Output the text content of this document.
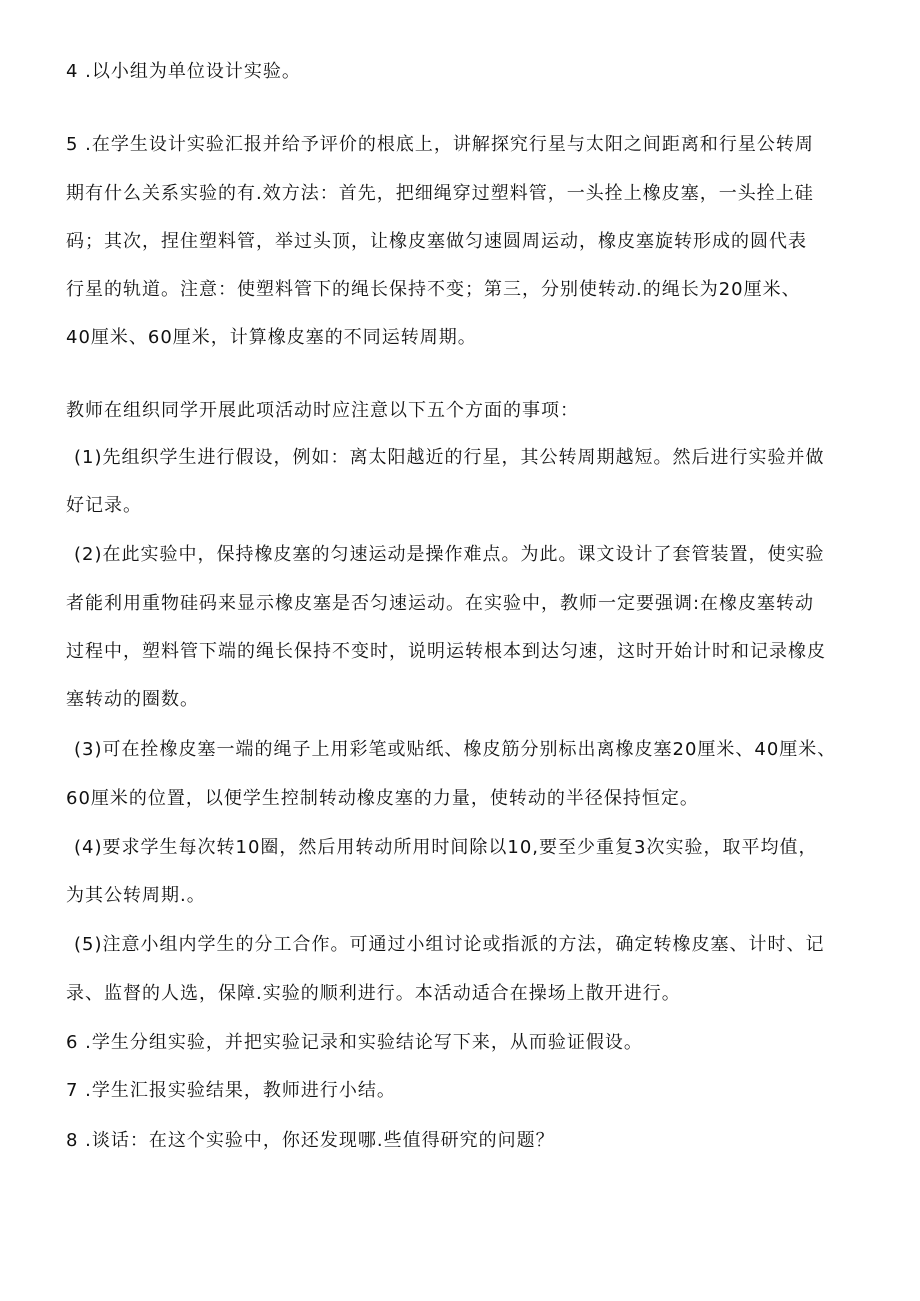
4 .以小组为单位设计实验。
5 .在学生设计实验汇报并给予评价的根底上，讲解探究行星与太阳之间距离和行星公转周
期有什么关系实验的有.效方法：首先，把细绳穿过塑料管，一头拴上橡皮塞，一头拴上硅
码；其次，捏住塑料管，举过头顶，让橡皮塞做匀速圆周运动，橡皮塞旋转形成的圆代表
行星的轨道。注意：使塑料管下的绳长保持不变；第三，分别使转动.的绳长为20厘米、
40厘米、60厘米，计算橡皮塞的不同运转周期。
教师在组织同学开展此项活动时应注意以下五个方面的事项：
(1)先组织学生进行假设，例如：离太阳越近的行星，其公转周期越短。然后进行实验并做
好记录。
(2)在此实验中，保持橡皮塞的匀速运动是操作难点。为此。课文设计了套管装置，使实验
者能利用重物硅码来显示橡皮塞是否匀速运动。在实验中，教师一定要强调:在橡皮塞转动
过程中，塑料管下端的绳长保持不变时，说明运转根本到达匀速，这时开始计时和记录橡皮
塞转动的圈数。
(3)可在拴橡皮塞一端的绳子上用彩笔或贴纸、橡皮筋分别标出离橡皮塞20厘米、40厘米、
60厘米的位置，以便学生控制转动橡皮塞的力量，使转动的半径保持恒定。
(4)要求学生每次转10圈，然后用转动所用时间除以10,要至少重复3次实验，取平均值，
为其公转周期.。
(5)注意小组内学生的分工合作。可通过小组讨论或指派的方法，确定转橡皮塞、计时、记
录、监督的人选，保障.实验的顺利进行。本活动适合在操场上散开进行。
6 .学生分组实验，并把实验记录和实验结论写下来，从而验证假设。
7 .学生汇报实验结果，教师进行小结。
8 .谈话：在这个实验中，你还发现哪.些值得研究的问题？
